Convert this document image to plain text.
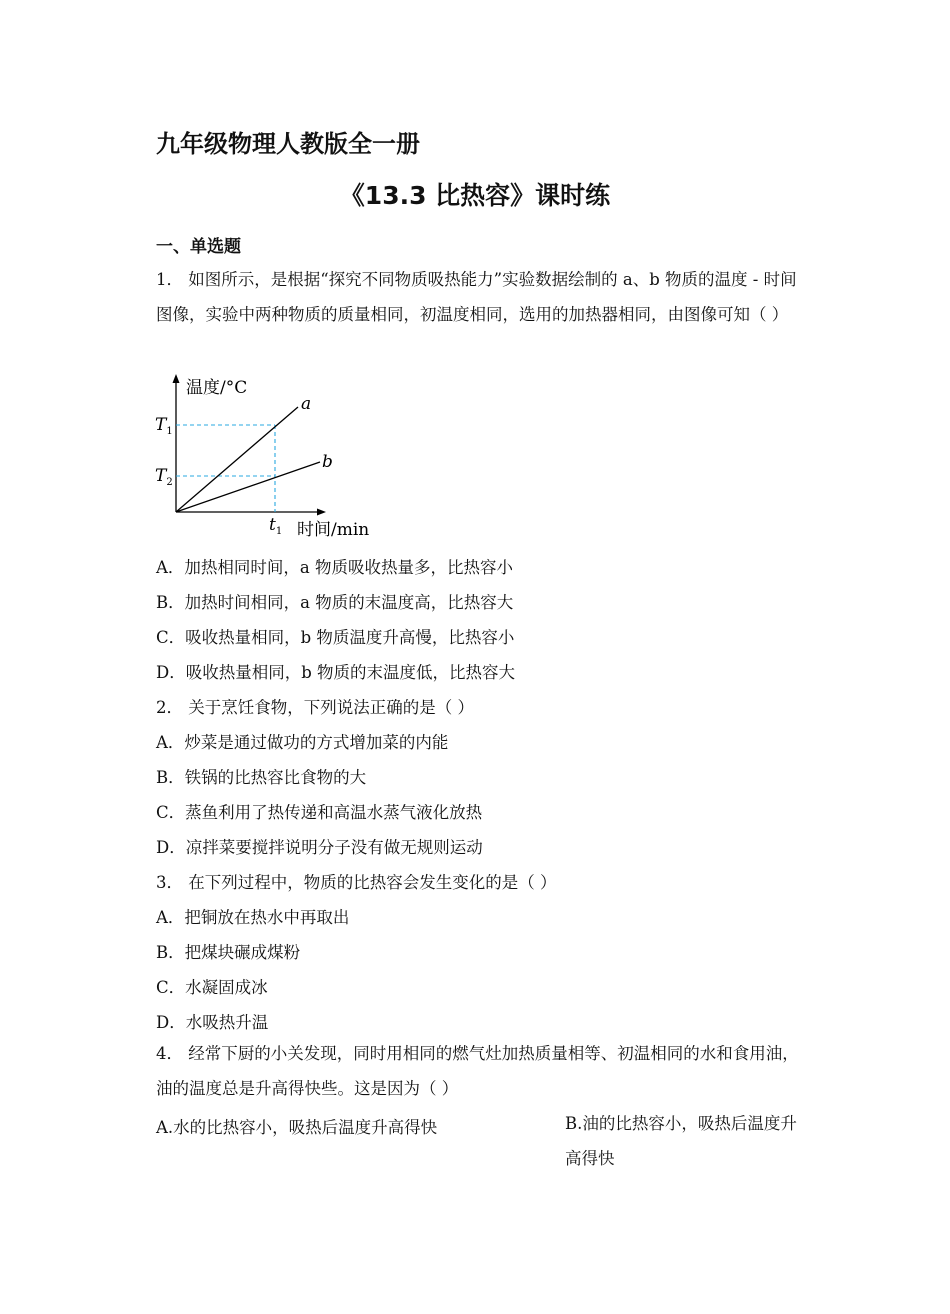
九年级物理人教版全一册
《13.3 比热容》课时练
一、单选题
1． 如图所示，是根据“探究不同物质吸热能力”实验数据绘制的 a、b 物质的温度 - 时间图像，实验中两种物质的质量相同，初温度相同，选用的加热器相同，由图像可知（ ）
温度/°C
时间/min
a
b
$T_1$
$T_2$
$t_1$
A．加热相同时间，a 物质吸收热量多，比热容小
B．加热时间相同，a 物质的末温度高，比热容大
C．吸收热量相同，b 物质温度升高慢，比热容小
D．吸收热量相同，b 物质的末温度低，比热容大
2． 关于烹饪食物，下列说法正确的是（ ）
A．炒菜是通过做功的方式增加菜的内能
B．铁锅的比热容比食物的大
C．蒸鱼利用了热传递和高温水蒸气液化放热
D．凉拌菜要搅拌说明分子没有做无规则运动
3． 在下列过程中，物质的比热容会发生变化的是（ ）
A．把铜放在热水中再取出
B．把煤块碾成煤粉
C．水凝固成冰
D．水吸热升温
4． 经常下厨的小关发现，同时用相同的燃气灶加热质量相等、初温相同的水和食用油，油的温度总是升高得快些。这是因为（ ）
A.水的比热容小，吸热后温度升高得快	B.油的比热容小，吸热后温度升高得快
